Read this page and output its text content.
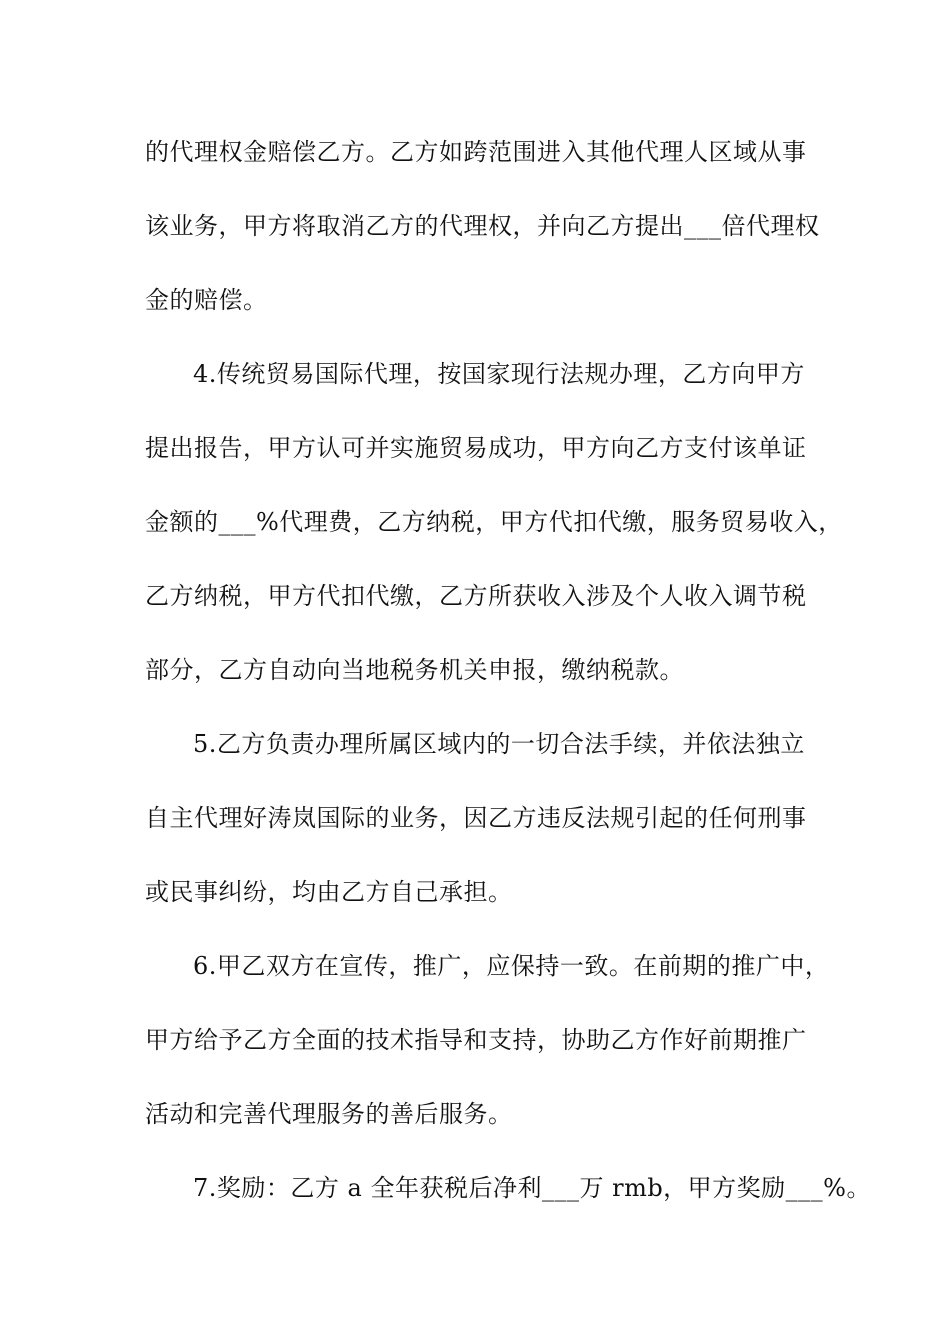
的代理权金赔偿乙方。乙方如跨范围进入其他代理人区域从事
该业务，甲方将取消乙方的代理权，并向乙方提出___倍代理权
金的赔偿。
4.传统贸易国际代理，按国家现行法规办理，乙方向甲方
提出报告，甲方认可并实施贸易成功，甲方向乙方支付该单证
金额的___%代理费，乙方纳税，甲方代扣代缴，服务贸易收入，
乙方纳税，甲方代扣代缴，乙方所获收入涉及个人收入调节税
部分，乙方自动向当地税务机关申报，缴纳税款。
5.乙方负责办理所属区域内的一切合法手续，并依法独立
自主代理好涛岚国际的业务，因乙方违反法规引起的任何刑事
或民事纠纷，均由乙方自己承担。
6.甲乙双方在宣传，推广，应保持一致。在前期的推广中，
甲方给予乙方全面的技术指导和支持，协助乙方作好前期推广
活动和完善代理服务的善后服务。
7.奖励：乙方 a 全年获税后净利___万 rmb，甲方奖励___%。
